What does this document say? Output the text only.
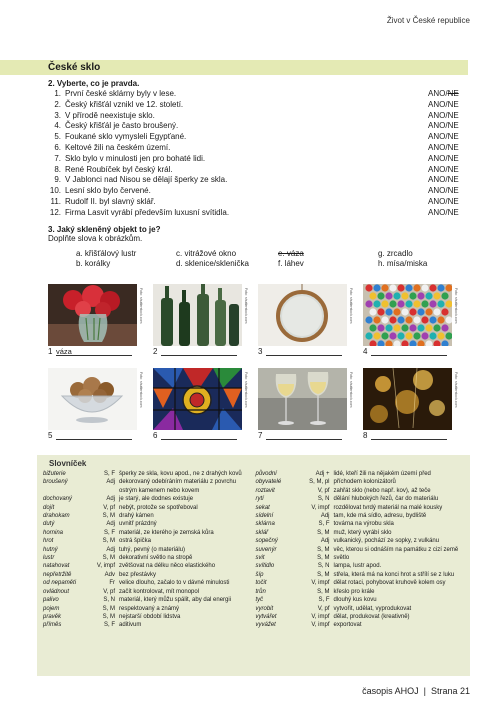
Život v České republice
České sklo
2. Vyberte, co je pravda.
1. První české sklárny byly v lese.	ANO/NE
2. Český křišťál vznikl ve 12. století.	ANO/NE
3. V přírodě neexistuje sklo.	ANO/NE
4. Český křišťál je často broušený.	ANO/NE
5. Foukané sklo vymysleli Egypťané.	ANO/NE
6. Keltové žili na českém území.	ANO/NE
7. Sklo bylo v minulosti jen pro bohaté lidi.	ANO/NE
8. René Roubíček byl český král.	ANO/NE
9. V Jablonci nad Nisou se dělají šperky ze skla.	ANO/NE
10. Lesní sklo bylo červené.	ANO/NE
11. Rudolf II. byl slavný sklář.	ANO/NE
12. Firma Lasvit vyrábí především luxusní svítidla.	ANO/NE
3. Jaký skleněný objekt to je?
Doplňte slova k obrázkům.
a. křišťálový lustr	c. vitrážové okno	e. váza	g. zrcadlo
b. korálky	d. sklenice/sklenička	f. láhev	h. mísa/miska
Foto: shutterstock.com
1 váza
Foto: shutterstock.com
2
Foto: shutterstock.com
3
Foto: shutterstock.com
4
Foto: shutterstock.com
5
Foto: shutterstock.com
6
Foto: shutterstock.com
7
Foto: shutterstock.com
8
Slovníček
bižuterie	S, F šperky ze skla, kovu apod., ne z drahých kovů
broušený	Adj dekorovaný odebíráním materiálu z povrchu
ostrým kamenem nebo kovem
dochovaný	Adj je starý, ale dodnes existuje
dojít	V, pf nebýt, protože se spotřeboval
drahokam	S, M drahý kámen
dutý	Adj uvnitř prázdný
hornina	S, F materiál, ze kterého je zemská kůra
hrot	S, M ostrá špička
hutný	Adj tuhý, pevný (o materiálu)
lustr	S, M dekorativní světlo na stropě
natahovat	V, impf zvětšovat na délku něco elastického
nepřetržitě	Adv bez přestávky
od nepaměti	Fr velice dlouho, začalo to v dávné minulosti
ovládnout	V, pf začít kontrolovat, mít monopol
palivo	S, N materiál, který můžu spálit, aby dal energii
pojem	S, M respektovaný a známý
pravěk	S, M nejstarší období lidstva
příměs	S, F aditivum
původní	Adj + lidé, kteří žili na nějakém území před
obyvatelé	S, M, pl příchodem kolonizátorů
roztavit	V, pf zahřát sklo (nebo např. kov), až teče
rytí	S, N dělání hlubokých řezů, čar do materiálu
sekat	V, impf rozdělovat tvrdý materiál na malé kousky
sídelní	Adj tam, kde má sídlo, adresu, bydliště
sklárna	S, F továrna na výrobu skla
sklář	S, M muž, který vyrábí sklo
sopečný	Adj vulkanický, pochází ze sopky, z vulkánu
suvenýr	S, M věc, kterou si odnáším na památku z cizí země
svit	S, M světlo
svítidlo	S, N lampa, lustr apod.
šíp	S, M střela, která má na konci hrot a střílí se z luku
točit	V, impf dělat rotaci, pohybovat kruhově kolem osy
trůn	S, M křeslo pro krále
tyč	S, F dlouhý kus kovu
vyrobit	V, pf vytvořit, udělat, vyprodukovat
vytvářet	V, impf dělat, produkovat (kreativně)
vyvážet	V, impf exportovat
časopis AHOJ | Strana 21
